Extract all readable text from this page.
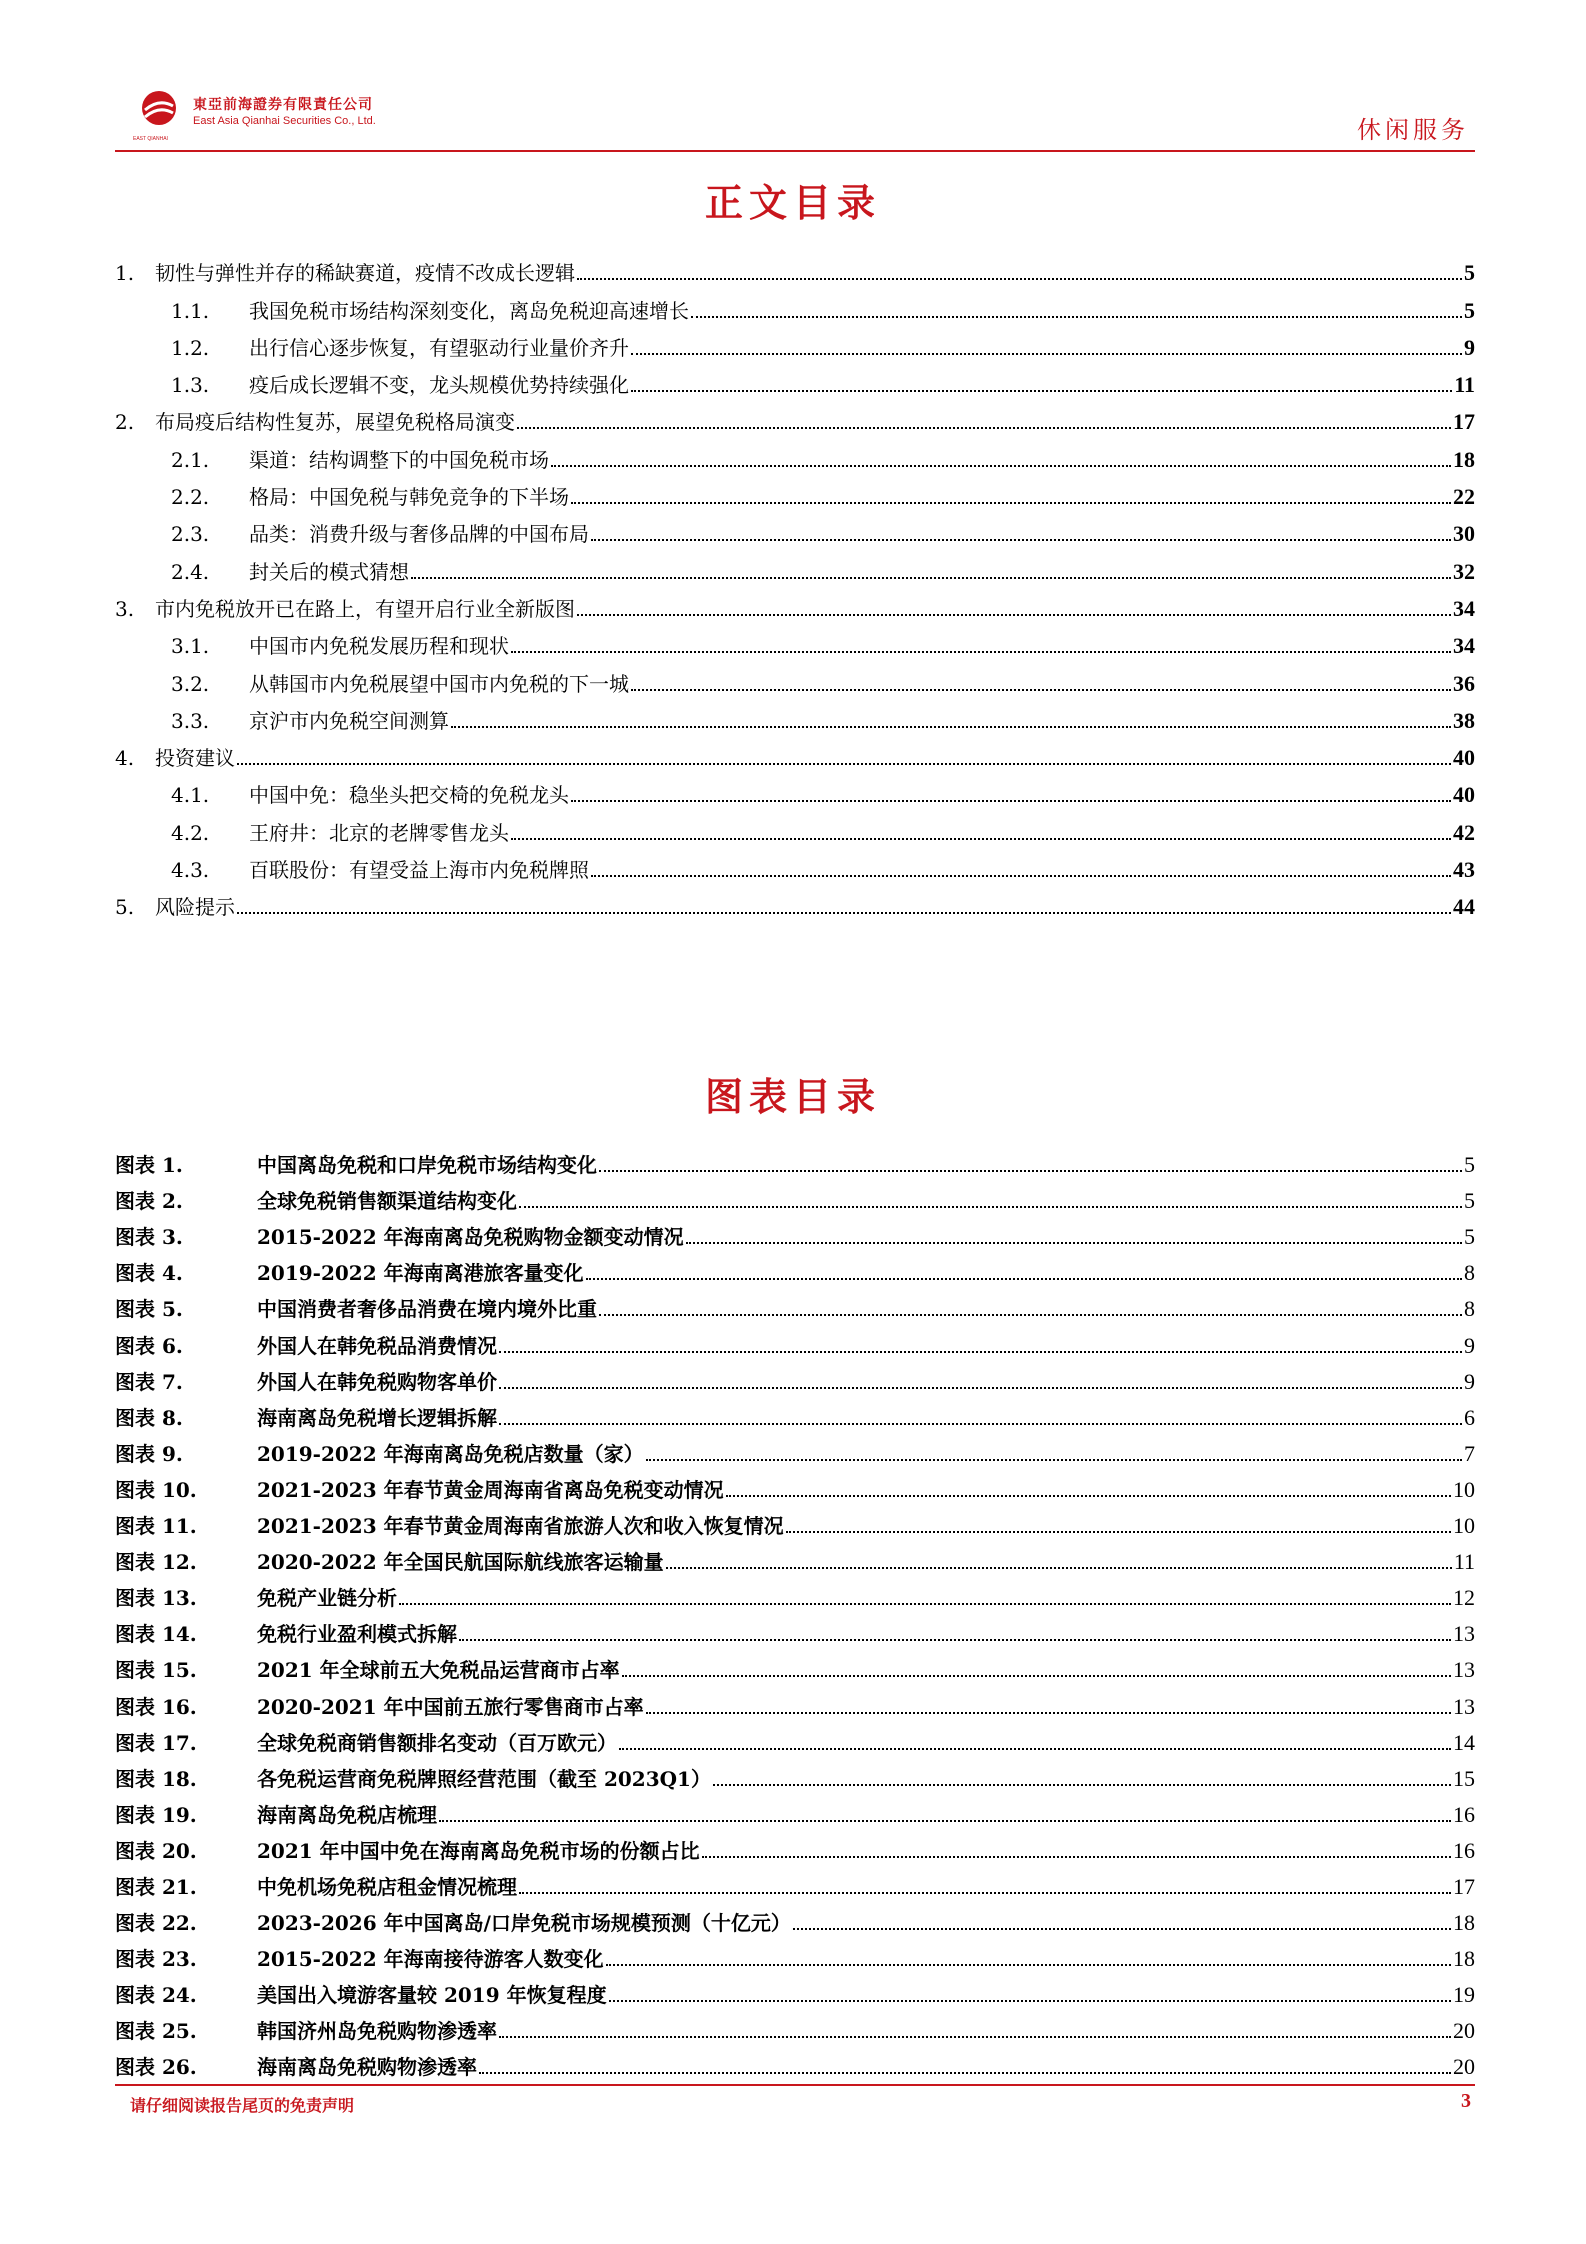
EAST QIANHAI
東亞前海證券有限責任公司
East Asia Qianhai Securities Co., Ltd.	休闲服务
正文目录
1.	韧性与弹性并存的稀缺赛道，疫情不改成长逻辑	5
1.1.	我国免税市场结构深刻变化，离岛免税迎高速增长	5
1.2.	出行信心逐步恢复，有望驱动行业量价齐升	9
1.3.	疫后成长逻辑不变，龙头规模优势持续强化	11
2.	布局疫后结构性复苏，展望免税格局演变	17
2.1.	渠道：结构调整下的中国免税市场	18
2.2.	格局：中国免税与韩免竞争的下半场	22
2.3.	品类：消费升级与奢侈品牌的中国布局	30
2.4.	封关后的模式猜想	32
3.	市内免税放开已在路上，有望开启行业全新版图	34
3.1.	中国市内免税发展历程和现状	34
3.2.	从韩国市内免税展望中国市内免税的下一城	36
3.3.	京沪市内免税空间测算	38
4.	投资建议	40
4.1.	中国中免：稳坐头把交椅的免税龙头	40
4.2.	王府井：北京的老牌零售龙头	42
4.3.	百联股份：有望受益上海市内免税牌照	43
5.	风险提示	44
图表目录
图表 1.	中国离岛免税和口岸免税市场结构变化	5
图表 2.	全球免税销售额渠道结构变化	5
图表 3.	2015-2022 年海南离岛免税购物金额变动情况	5
图表 4.	2019-2022 年海南离港旅客量变化	8
图表 5.	中国消费者奢侈品消费在境内境外比重	8
图表 6.	外国人在韩免税品消费情况	9
图表 7.	外国人在韩免税购物客单价	9
图表 8.	海南离岛免税增长逻辑拆解	6
图表 9.	2019-2022 年海南离岛免税店数量（家）	7
图表 10.	2021-2023 年春节黄金周海南省离岛免税变动情况	10
图表 11.	2021-2023 年春节黄金周海南省旅游人次和收入恢复情况	10
图表 12.	2020-2022 年全国民航国际航线旅客运输量	11
图表 13.	免税产业链分析	12
图表 14.	免税行业盈利模式拆解	13
图表 15.	2021 年全球前五大免税品运营商市占率	13
图表 16.	2020-2021 年中国前五旅行零售商市占率	13
图表 17.	全球免税商销售额排名变动（百万欧元）	14
图表 18.	各免税运营商免税牌照经营范围（截至 2023Q1）	15
图表 19.	海南离岛免税店梳理	16
图表 20.	2021 年中国中免在海南离岛免税市场的份额占比	16
图表 21.	中免机场免税店租金情况梳理	17
图表 22.	2023-2026 年中国离岛/口岸免税市场规模预测（十亿元）	18
图表 23.	2015-2022 年海南接待游客人数变化	18
图表 24.	美国出入境游客量较 2019 年恢复程度	19
图表 25.	韩国济州岛免税购物渗透率	20
图表 26.	海南离岛免税购物渗透率	20
请仔细阅读报告尾页的免责声明	3
